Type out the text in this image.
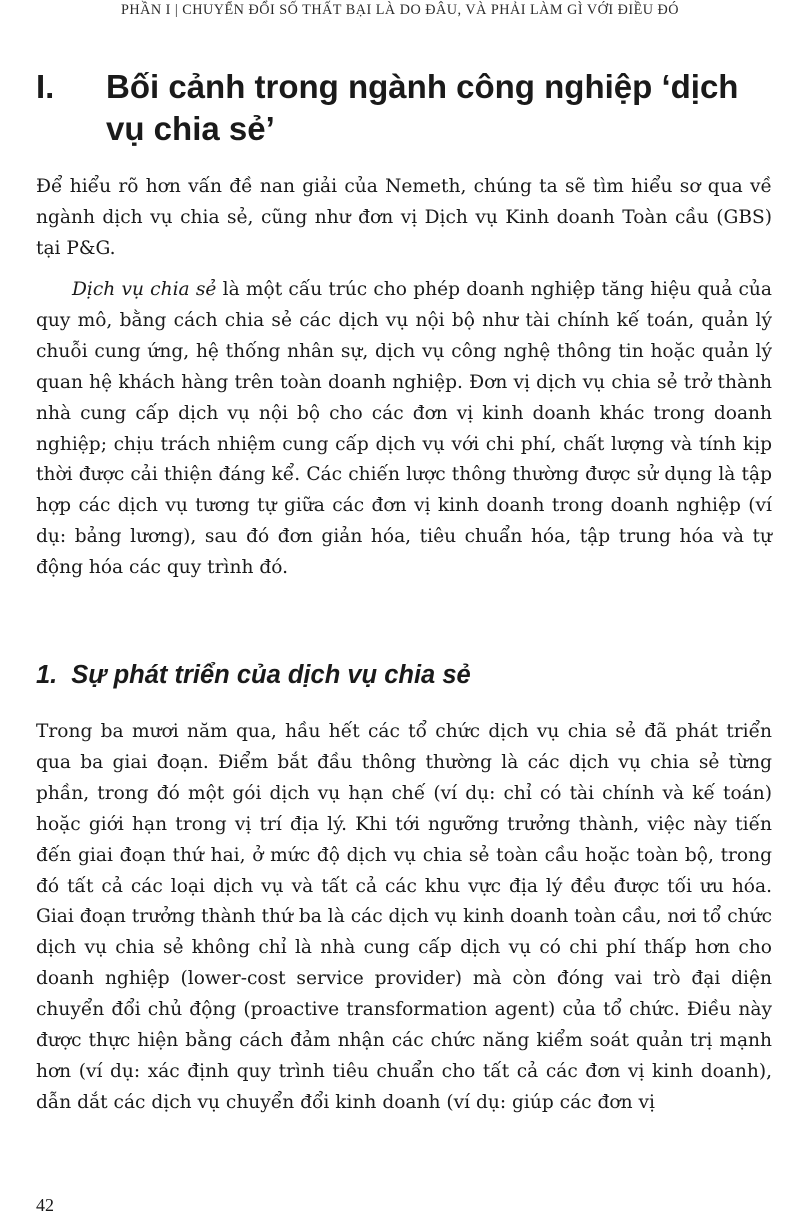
PHẦN I | CHUYỂN ĐỔI SỐ THẤT BẠI LÀ DO ĐÂU, VÀ PHẢI LÀM GÌ VỚI ĐIỀU ĐÓ
I. Bối cảnh trong ngành công nghiệp ‘dịch vụ chia sẻ’

Để hiểu rõ hơn vấn đề nan giải của Nemeth, chúng ta sẽ tìm hiểu sơ qua về ngành dịch vụ chia sẻ, cũng như đơn vị Dịch vụ Kinh doanh Toàn cầu (GBS) tại P&G.

Dịch vụ chia sẻ là một cấu trúc cho phép doanh nghiệp tăng hiệu quả của quy mô, bằng cách chia sẻ các dịch vụ nội bộ như tài chính kế toán, quản lý chuỗi cung ứng, hệ thống nhân sự, dịch vụ công nghệ thông tin hoặc quản lý quan hệ khách hàng trên toàn doanh nghiệp. Đơn vị dịch vụ chia sẻ trở thành nhà cung cấp dịch vụ nội bộ cho các đơn vị kinh doanh khác trong doanh nghiệp; chịu trách nhiệm cung cấp dịch vụ với chi phí, chất lượng và tính kịp thời được cải thiện đáng kể. Các chiến lược thông thường được sử dụng là tập hợp các dịch vụ tương tự giữa các đơn vị kinh doanh trong doanh nghiệp (ví dụ: bảng lương), sau đó đơn giản hóa, tiêu chuẩn hóa, tập trung hóa và tự động hóa các quy trình đó.

1. Sự phát triển của dịch vụ chia sẻ

Trong ba mươi năm qua, hầu hết các tổ chức dịch vụ chia sẻ đã phát triển qua ba giai đoạn. Điểm bắt đầu thông thường là các dịch vụ chia sẻ từng phần, trong đó một gói dịch vụ hạn chế (ví dụ: chỉ có tài chính và kế toán) hoặc giới hạn trong vị trí địa lý. Khi tới ngưỡng trưởng thành, việc này tiến đến giai đoạn thứ hai, ở mức độ dịch vụ chia sẻ toàn cầu hoặc toàn bộ, trong đó tất cả các loại dịch vụ và tất cả các khu vực địa lý đều được tối ưu hóa. Giai đoạn trưởng thành thứ ba là các dịch vụ kinh doanh toàn cầu, nơi tổ chức dịch vụ chia sẻ không chỉ là nhà cung cấp dịch vụ có chi phí thấp hơn cho doanh nghiệp (lower-cost service provider) mà còn đóng vai trò đại diện chuyển đổi chủ động (proactive transformation agent) của tổ chức. Điều này được thực hiện bằng cách đảm nhận các chức năng kiểm soát quản trị mạnh hơn (ví dụ: xác định quy trình tiêu chuẩn cho tất cả các đơn vị kinh doanh), dẫn dắt các dịch vụ chuyển đổi kinh doanh (ví dụ: giúp các đơn vị

42
